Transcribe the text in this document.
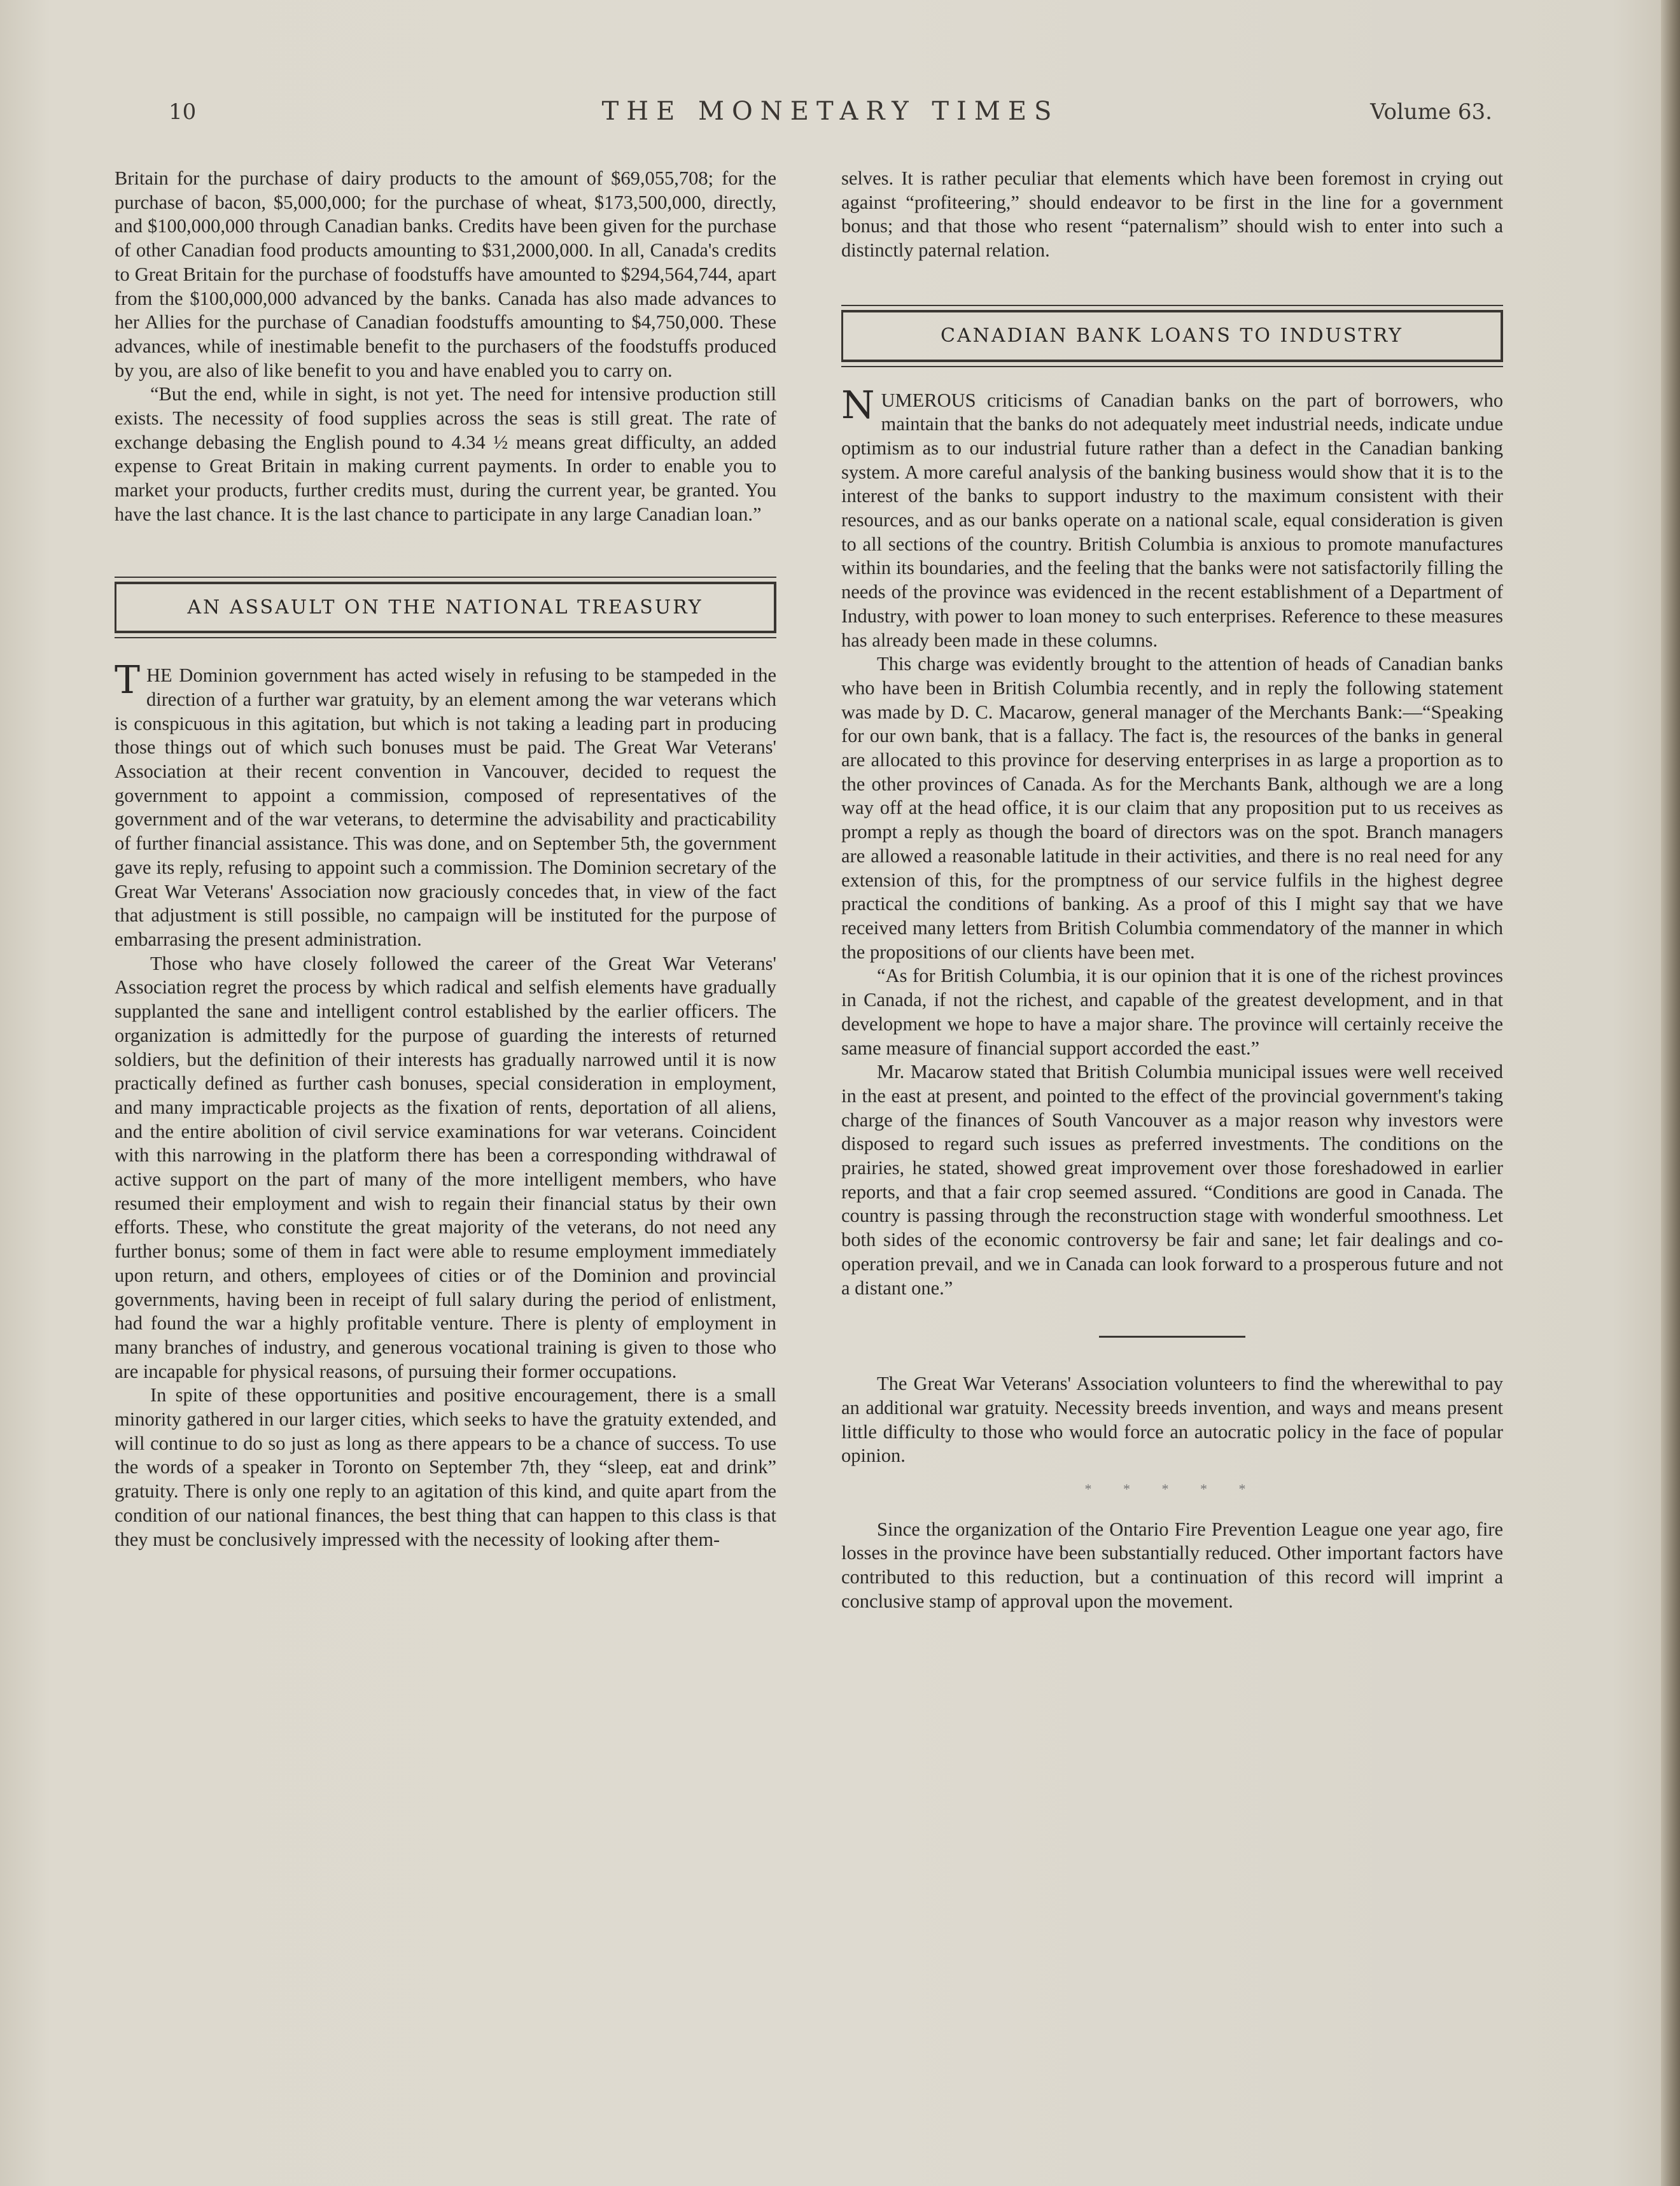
10	THE MONETARY TIMES	Volume 63.

Britain for the purchase of dairy products to the amount of $69,055,708; for the purchase of bacon, $5,000,000; for the purchase of wheat, $173,500,000, directly, and $100,000,000 through Canadian banks. Credits have been given for the purchase of other Canadian food products amounting to $31,2000,000. In all, Canada's credits to Great Britain for the purchase of foodstuffs have amounted to $294,564,744, apart from the $100,000,000 advanced by the banks. Canada has also made advances to her Allies for the purchase of Canadian foodstuffs amounting to $4,750,000. These advances, while of inestimable benefit to the purchasers of the foodstuffs produced by you, are also of like benefit to you and have enabled you to carry on.

“But the end, while in sight, is not yet. The need for intensive production still exists. The necessity of food supplies across the seas is still great. The rate of exchange debasing the English pound to 4.34 ½ means great difficulty, an added expense to Great Britain in making current payments. In order to enable you to market your products, further credits must, during the current year, be granted. You have the last chance. It is the last chance to participate in any large Canadian loan.”

AN ASSAULT ON THE NATIONAL TREASURY

THE Dominion government has acted wisely in refusing to be stampeded in the direction of a further war gratuity, by an element among the war veterans which is conspicuous in this agitation, but which is not taking a leading part in producing those things out of which such bonuses must be paid. The Great War Veterans' Association at their recent convention in Vancouver, decided to request the government to appoint a commission, composed of representatives of the government and of the war veterans, to determine the advisability and practicability of further financial assistance. This was done, and on September 5th, the government gave its reply, refusing to appoint such a commission. The Dominion secretary of the Great War Veterans' Association now graciously concedes that, in view of the fact that adjustment is still possible, no campaign will be instituted for the purpose of embarrasing the present administration.

Those who have closely followed the career of the Great War Veterans' Association regret the process by which radical and selfish elements have gradually supplanted the sane and intelligent control established by the earlier officers. The organization is admittedly for the purpose of guarding the interests of returned soldiers, but the definition of their interests has gradually narrowed until it is now practically defined as further cash bonuses, special consideration in employment, and many impracticable projects as the fixation of rents, deportation of all aliens, and the entire abolition of civil service examinations for war veterans. Coincident with this narrowing in the platform there has been a corresponding withdrawal of active support on the part of many of the more intelligent members, who have resumed their employment and wish to regain their financial status by their own efforts. These, who constitute the great majority of the veterans, do not need any further bonus; some of them in fact were able to resume employment immediately upon return, and others, employees of cities or of the Dominion and provincial governments, having been in receipt of full salary during the period of enlistment, had found the war a highly profitable venture. There is plenty of employment in many branches of industry, and generous vocational training is given to those who are incapable for physical reasons, of pursuing their former occupations.

In spite of these opportunities and positive encouragement, there is a small minority gathered in our larger cities, which seeks to have the gratuity extended, and will continue to do so just as long as there appears to be a chance of success. To use the words of a speaker in Toronto on September 7th, they “sleep, eat and drink” gratuity. There is only one reply to an agitation of this kind, and quite apart from the condition of our national finances, the best thing that can happen to this class is that they must be conclusively impressed with the necessity of looking after them-

selves. It is rather peculiar that elements which have been foremost in crying out against “profiteering,” should endeavor to be first in the line for a government bonus; and that those who resent “paternalism” should wish to enter into such a distinctly paternal relation.

CANADIAN BANK LOANS TO INDUSTRY

NUMEROUS criticisms of Canadian banks on the part of borrowers, who maintain that the banks do not adequately meet industrial needs, indicate undue optimism as to our industrial future rather than a defect in the Canadian banking system. A more careful analysis of the banking business would show that it is to the interest of the banks to support industry to the maximum consistent with their resources, and as our banks operate on a national scale, equal consideration is given to all sections of the country. British Columbia is anxious to promote manufactures within its boundaries, and the feeling that the banks were not satisfactorily filling the needs of the province was evidenced in the recent establishment of a Department of Industry, with power to loan money to such enterprises. Reference to these measures has already been made in these columns.

This charge was evidently brought to the attention of heads of Canadian banks who have been in British Columbia recently, and in reply the following statement was made by D. C. Macarow, general manager of the Merchants Bank:—“Speaking for our own bank, that is a fallacy. The fact is, the resources of the banks in general are allocated to this province for deserving enterprises in as large a proportion as to the other provinces of Canada. As for the Merchants Bank, although we are a long way off at the head office, it is our claim that any proposition put to us receives as prompt a reply as though the board of directors was on the spot. Branch managers are allowed a reasonable latitude in their activities, and there is no real need for any extension of this, for the promptness of our service fulfils in the highest degree practical the conditions of banking. As a proof of this I might say that we have received many letters from British Columbia commendatory of the manner in which the propositions of our clients have been met.

“As for British Columbia, it is our opinion that it is one of the richest provinces in Canada, if not the richest, and capable of the greatest development, and in that development we hope to have a major share. The province will certainly receive the same measure of financial support accorded the east.”

Mr. Macarow stated that British Columbia municipal issues were well received in the east at present, and pointed to the effect of the provincial government's taking charge of the finances of South Vancouver as a major reason why investors were disposed to regard such issues as preferred investments. The conditions on the prairies, he stated, showed great improvement over those foreshadowed in earlier reports, and that a fair crop seemed assured. “Conditions are good in Canada. The country is passing through the reconstruction stage with wonderful smoothness. Let both sides of the economic controversy be fair and sane; let fair dealings and co-operation prevail, and we in Canada can look forward to a prosperous future and not a distant one.”

The Great War Veterans' Association volunteers to find the wherewithal to pay an additional war gratuity. Necessity breeds invention, and ways and means present little difficulty to those who would force an autocratic policy in the face of popular opinion.

* * * * *

Since the organization of the Ontario Fire Prevention League one year ago, fire losses in the province have been substantially reduced. Other important factors have contributed to this reduction, but a continuation of this record will imprint a conclusive stamp of approval upon the movement.
